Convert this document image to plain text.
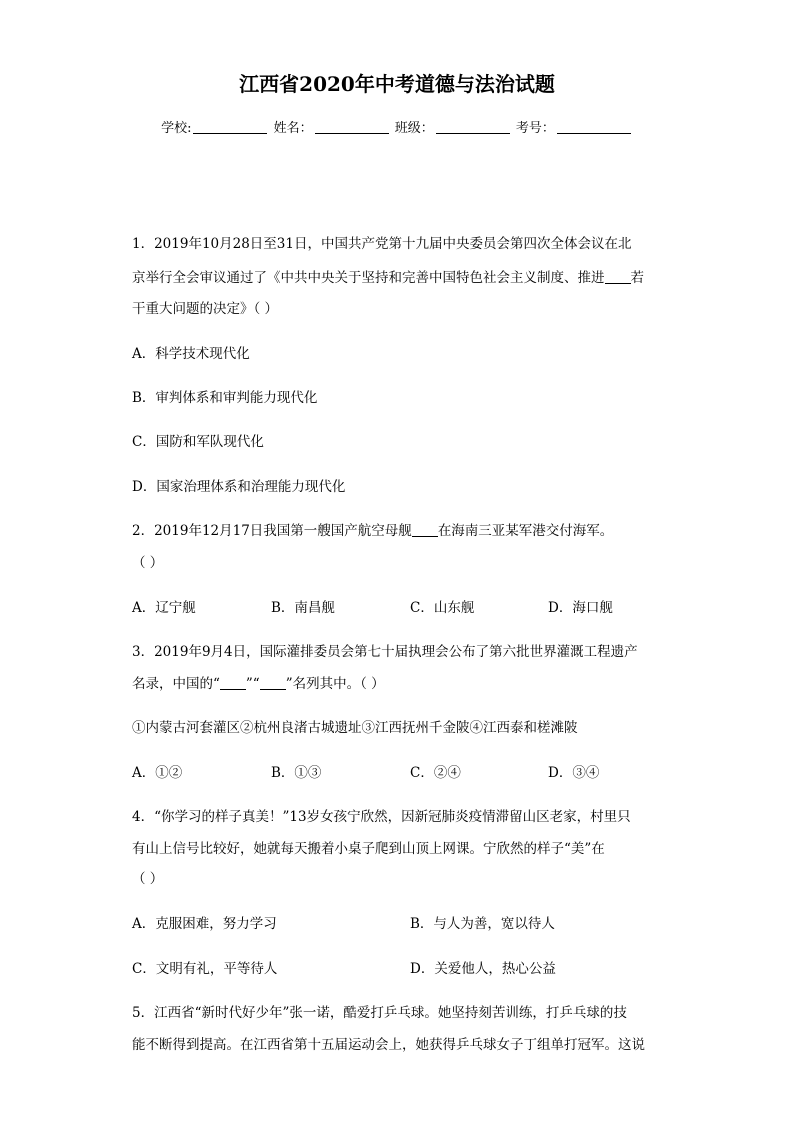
江西省2020年中考道德与法治试题
学校:	姓名：	班级：	考号：
1．2019年10月28日至31日，中国共产党第十九届中央委员会第四次全体会议在北
京举行全会审议通过了《中共中央关于坚持和完善中国特色社会主义制度、推进 若
干重大问题的决定》（ ）
A．科学技术现代化
B．审判体系和审判能力现代化
C．国防和军队现代化
D．国家治理体系和治理能力现代化
2．2019年12月17日我国第一艘国产航空母舰 在海南三亚某军港交付海军。
（ ）
A．辽宁舰	B．南昌舰	C．山东舰	D．海口舰
3．2019年9月4日，国际灌排委员会第七十届执理会公布了第六批世界灌溉工程遗产
名录，中国的“ ”“ ”名列其中。（ ）
①内蒙古河套灌区②杭州良渚古城遗址③江西抚州千金陂④江西泰和槎滩陂
A．①②	B．①③	C．②④	D．③④
4．“你学习的样子真美！”13岁女孩宁欣然，因新冠肺炎疫情滞留山区老家，村里只
有山上信号比较好，她就每天搬着小桌子爬到山顶上网课。宁欣然的样子“美”在
（ ）
A．克服困难，努力学习	B．与人为善，宽以待人
C．文明有礼，平等待人	D．关爱他人，热心公益
5．江西省“新时代好少年”张一诺，酷爱打乒乓球。她坚持刻苦训练，打乒乓球的技
能不断得到提高。在江西省第十五届运动会上，她获得乒乓球女子丁组单打冠军。这说
